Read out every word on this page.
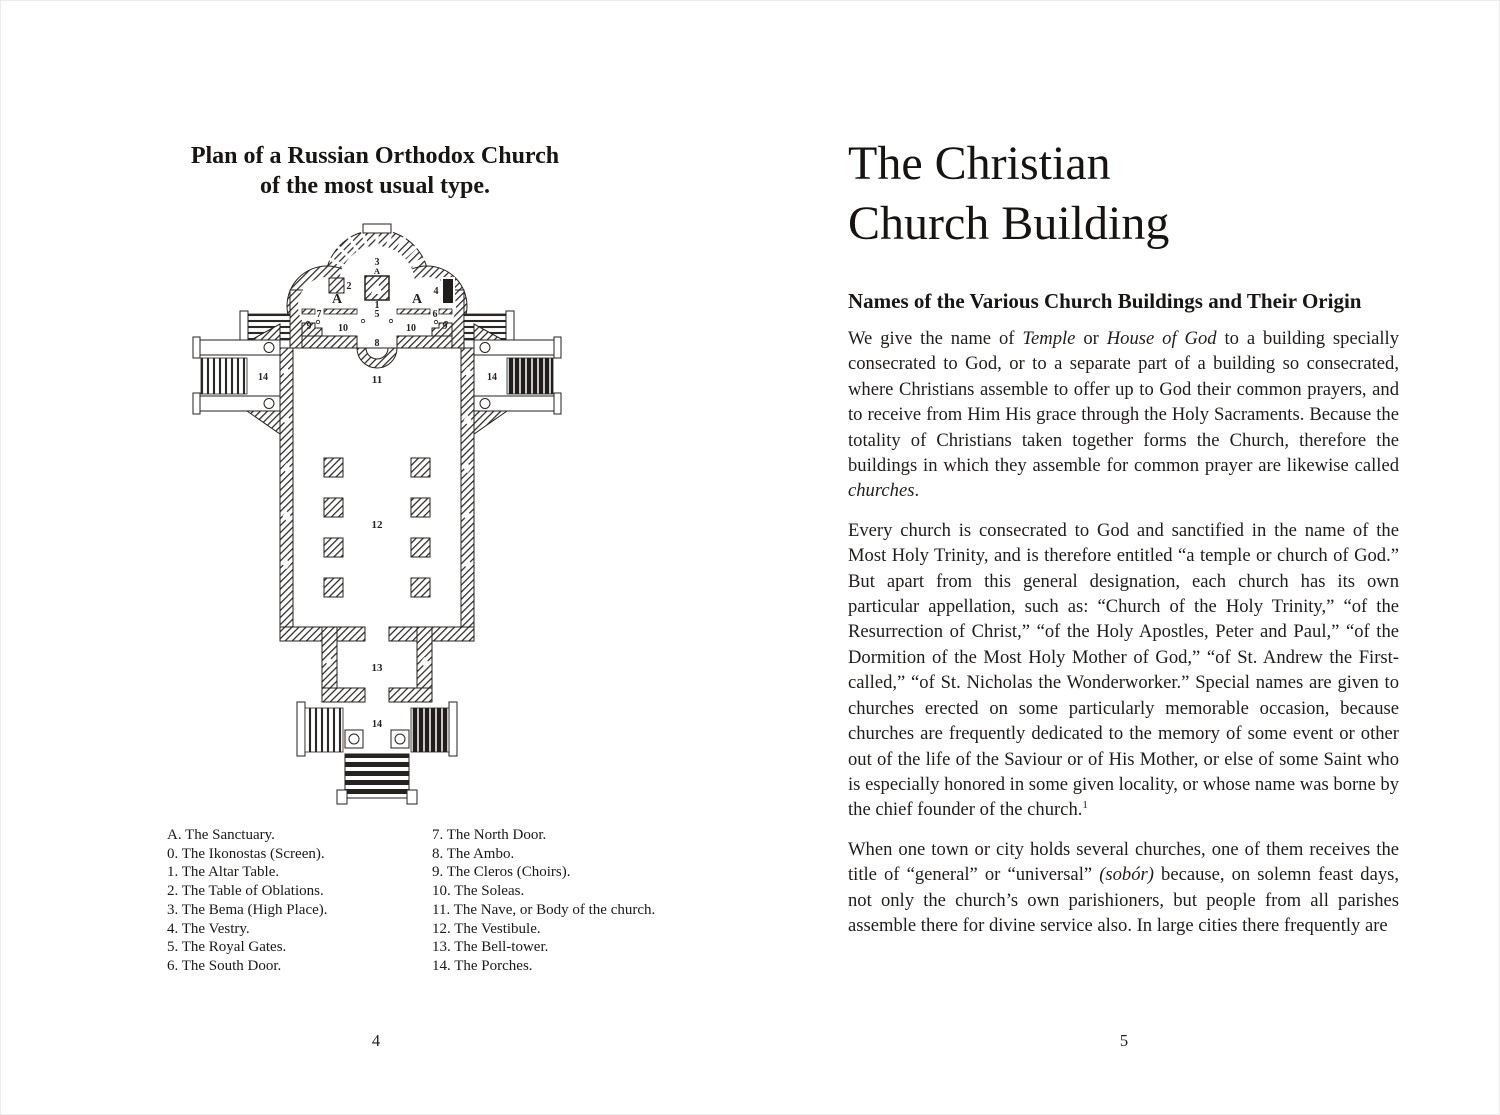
Plan of a Russian Orthodox Church
of the most usual type.
3
A
2
1
A	A
4
7	5	6
9	9
10	10
8
11
14	14
12
13
14
A. The Sanctuary.
0. The Ikonostas (Screen).
1. The Altar Table.
2. The Table of Oblations.
3. The Bema (High Place).
4. The Vestry.
5. The Royal Gates.
6. The South Door.
7. The North Door.
8. The Ambo.
9. The Cleros (Choirs).
10. The Soleas.
11. The Nave, or Body of the church.
12. The Vestibule.
13. The Bell-tower.
14. The Porches.
4
The Christian
Church Building
Names of the Various Church Buildings and Their Origin

We give the name of Temple or House of God to a building specially consecrated to God, or to a separate part of a building so consecrated, where Christians assemble to offer up to God their common prayers, and to receive from Him His grace through the Holy Sacraments. Because the totality of Christians taken together forms the Church, therefore the buildings in which they assemble for common prayer are likewise called churches.

Every church is consecrated to God and sanctified in the name of the Most Holy Trinity, and is therefore entitled “a temple or church of God.” But apart from this general designation, each church has its own particular appellation, such as: “Church of the Holy Trinity,” “of the Resurrection of Christ,” “of the Holy Apostles, Peter and Paul,” “of the Dormition of the Most Holy Mother of God,” “of St. Andrew the First-called,” “of St. Nicholas the Wonderworker.” Special names are given to churches erected on some particularly memorable occasion, because churches are frequently dedicated to the memory of some event or other out of the life of the Saviour or of His Mother, or else of some Saint who is especially honored in some given locality, or whose name was borne by the chief founder of the church.$^1$

When one town or city holds several churches, one of them receives the title of “general” or “universal” (sobór) because, on solemn feast days, not only the church’s own parishioners, but people from all parishes assemble there for divine service also. In large cities there frequently are

5
